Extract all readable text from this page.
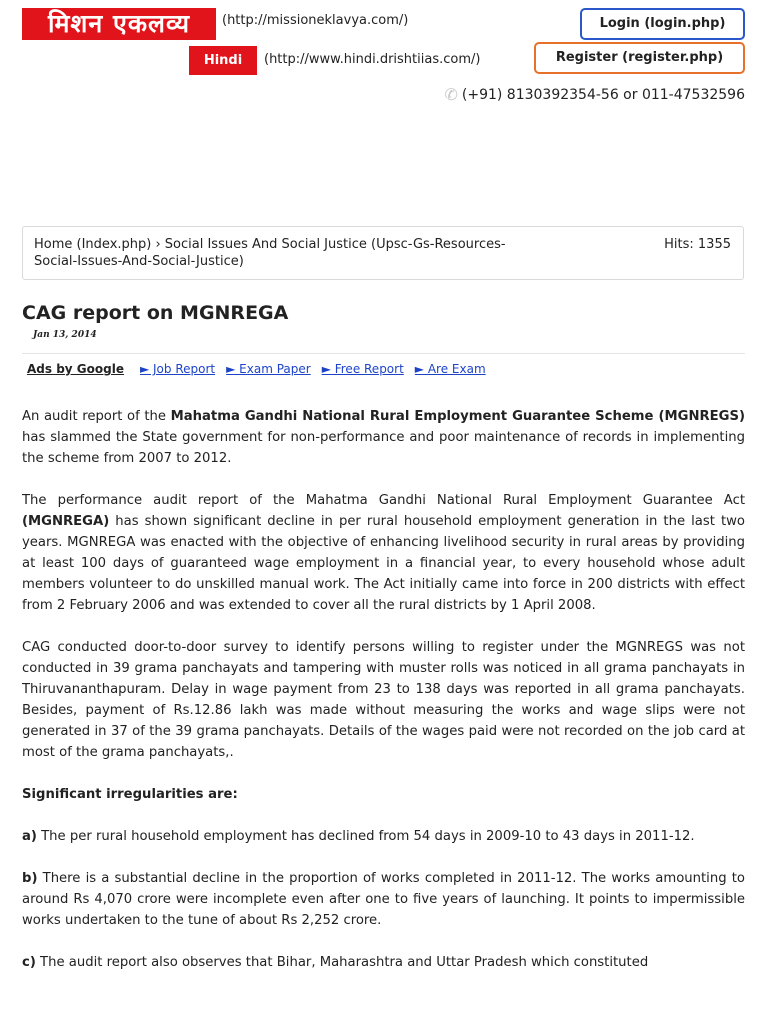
मिशन एकलव्य	(http://missioneklavya.com/)
Hindi	(http://www.hindi.drishtiias.com/)
Login (login.php)
Register (register.php)
✆ (+91) 8130392354-56 or 011-47532596
Home (Index.php) › Social Issues And Social Justice (Upsc-Gs-Resources-Social-Issues-And-Social-Justice)
Hits: 1355
CAG report on MGNREGA
Jan 13, 2014
Ads by Google ► Job Report ► Exam Paper ► Free Report ► Are Exam

An audit report of the Mahatma Gandhi National Rural Employment Guarantee Scheme (MGNREGS) has slammed the State government for non-performance and poor maintenance of records in implementing the scheme from 2007 to 2012.

The performance audit report of the Mahatma Gandhi National Rural Employment Guarantee Act (MGNREGA) has shown significant decline in per rural household employment generation in the last two years. MGNREGA was enacted with the objective of enhancing livelihood security in rural areas by providing at least 100 days of guaranteed wage employment in a financial year, to every household whose adult members volunteer to do unskilled manual work. The Act initially came into force in 200 districts with effect from 2 February 2006 and was extended to cover all the rural districts by 1 April 2008.

CAG conducted door-to-door survey to identify persons willing to register under the MGNREGS was not conducted in 39 grama panchayats and tampering with muster rolls was noticed in all grama panchayats in Thiruvananthapuram. Delay in wage payment from 23 to 138 days was reported in all grama panchayats. Besides, payment of Rs.12.86 lakh was made without measuring the works and wage slips were not generated in 37 of the 39 grama panchayats. Details of the wages paid were not recorded on the job card at most of the grama panchayats,.

Significant irregularities are:

a) The per rural household employment has declined from 54 days in 2009-10 to 43 days in 2011-12.

b) There is a substantial decline in the proportion of works completed in 2011-12. The works amounting to around Rs 4,070 crore were incomplete even after one to five years of launching. It points to impermissible works undertaken to the tune of about Rs 2,252 crore.

c) The audit report also observes that Bihar, Maharashtra and Uttar Pradesh which constituted
